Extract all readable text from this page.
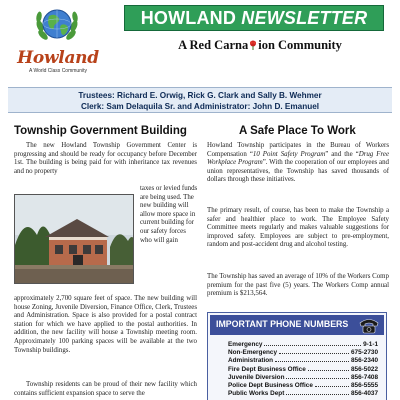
Howland
A World Class Community
HOWLAND NEWSLETTER
A Red Carna ion Community
Trustees: Richard E. Orwig, Rick G. Clark and Sally B. Wehmer
Clerk: Sam Delaquila Sr. and Administrator: John D. Emanuel
Township Government Building
The new Howland Township Government Center is progressing and should be ready for occupancy before December 1st. The building is being paid for with inheritance tax revenues and no property
taxes or levied funds are being used. The new building will allow more space in current building for our safety forces who will gain
approximately 2,700 square feet of space. The new building will house Zoning, Juvenile Diversion, Finance Office, Clerk, Trustees and Administration. Space is also provided for a postal contract station for which we have applied to the postal authorities. In addition, the new facility will house a Township meeting room. Approximately 100 parking spaces will be available at the two Township buildings.
Township residents can be proud of their new facility which contains sufficient expansion space to serve the
A Safe Place To Work
Howland Township participates in the Bureau of Workers Compensation “10 Point Safety Program” and the “Drug Free Workplace Program”. With the cooperation of our employees and union representatives, the Township has saved thousands of dollars through these initiatives.
The primary result, of course, has been to make the Township a safer and healthier place to work. The Employee Safety Committee meets regularly and makes valuable suggestions for improved safety. Employees are subject to pre-employment, random and post-accident drug and alcohol testing.
The Township has saved an average of 10% of the Workers Comp premium for the past five (5) years. The Workers Comp annual premium is $213,564.
IMPORTANT PHONE NUMBERS
Emergency	9-1-1
Non-Emergency	675-2730
Administration	856-2340
Fire Dept Business Office	856-5022
Juvenile Diversion	856-7408
Police Dept Business Office	856-5555
Public Works Dept	856-4037
